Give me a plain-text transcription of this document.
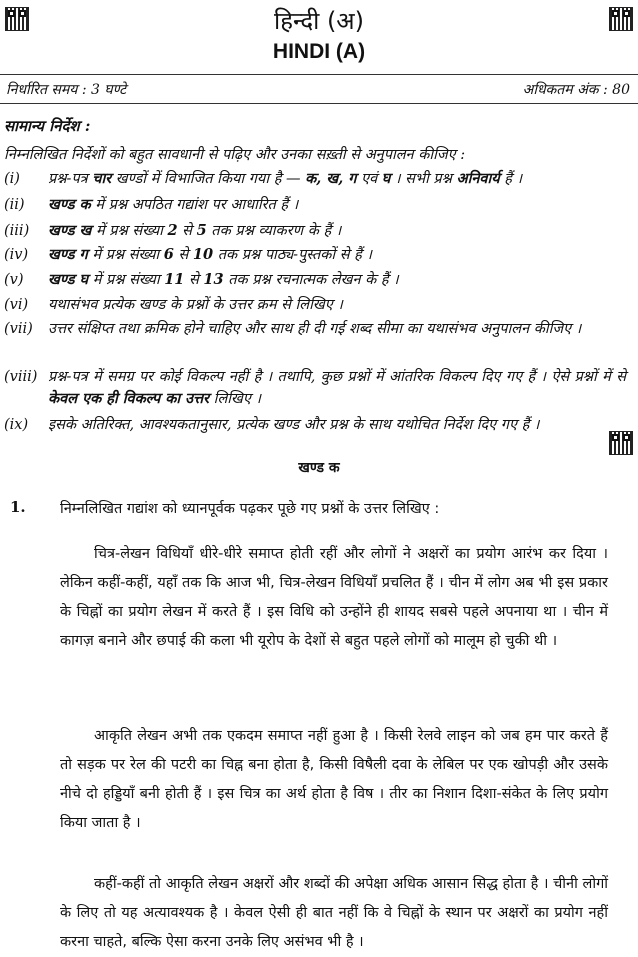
हिन्दी (अ)
HINDI (A)
निर्धारित समय : 3 घण्टे	अधिकतम अंक : 80
सामान्य निर्देश :
निम्नलिखित निर्देशों को बहुत सावधानी से पढ़िए और उनका सख़्ती से अनुपालन कीजिए :
(i) प्रश्न-पत्र चार खण्डों में विभाजित किया गया है — क, ख, ग एवं घ । सभी प्रश्न अनिवार्य हैं ।
(ii) खण्ड क में प्रश्न अपठित गद्यांश पर आधारित हैं ।
(iii) खण्ड ख में प्रश्न संख्या 2 से 5 तक प्रश्न व्याकरण के हैं ।
(iv) खण्ड ग में प्रश्न संख्या 6 से 10 तक प्रश्न पाठ्य-पुस्तकों से हैं ।
(v) खण्ड घ में प्रश्न संख्या 11 से 13 तक प्रश्न रचनात्मक लेखन के हैं ।
(vi) यथासंभव प्रत्येक खण्ड के प्रश्नों के उत्तर क्रम से लिखिए ।
(vii) उत्तर संक्षिप्त तथा क्रमिक होने चाहिए और साथ ही दी गई शब्द सीमा का यथासंभव अनुपालन कीजिए ।
(viii) प्रश्न-पत्र में समग्र पर कोई विकल्प नहीं है । तथापि, कुछ प्रश्नों में आंतरिक विकल्प दिए गए हैं । ऐसे प्रश्नों में से केवल एक ही विकल्प का उत्तर लिखिए ।
(ix) इसके अतिरिक्त, आवश्यकतानुसार, प्रत्येक खण्ड और प्रश्न के साथ यथोचित निर्देश दिए गए हैं ।
खण्ड क
1. निम्नलिखित गद्यांश को ध्यानपूर्वक पढ़कर पूछे गए प्रश्नों के उत्तर लिखिए :
चित्र-लेखन विधियाँ धीरे-धीरे समाप्त होती रहीं और लोगों ने अक्षरों का प्रयोग आरंभ कर दिया । लेकिन कहीं-कहीं, यहाँ तक कि आज भी, चित्र-लेखन विधियाँ प्रचलित हैं । चीन में लोग अब भी इस प्रकार के चिह्नों का प्रयोग लेखन में करते हैं । इस विधि को उन्होंने ही शायद सबसे पहले अपनाया था । चीन में कागज़ बनाने और छपाई की कला भी यूरोप के देशों से बहुत पहले लोगों को मालूम हो चुकी थी ।
आकृति लेखन अभी तक एकदम समाप्त नहीं हुआ है । किसी रेलवे लाइन को जब हम पार करते हैं तो सड़क पर रेल की पटरी का चिह्न बना होता है, किसी विषैली दवा के लेबिल पर एक खोपड़ी और उसके नीचे दो हड्डियाँ बनी होती हैं । इस चित्र का अर्थ होता है विष । तीर का निशान दिशा-संकेत के लिए प्रयोग किया जाता है ।
कहीं-कहीं तो आकृति लेखन अक्षरों और शब्दों की अपेक्षा अधिक आसान सिद्ध होता है । चीनी लोगों के लिए तो यह अत्यावश्यक है । केवल ऐसी ही बात नहीं कि वे चिह्नों के स्थान पर अक्षरों का प्रयोग नहीं करना चाहते, बल्कि ऐसा करना उनके लिए असंभव भी है ।
